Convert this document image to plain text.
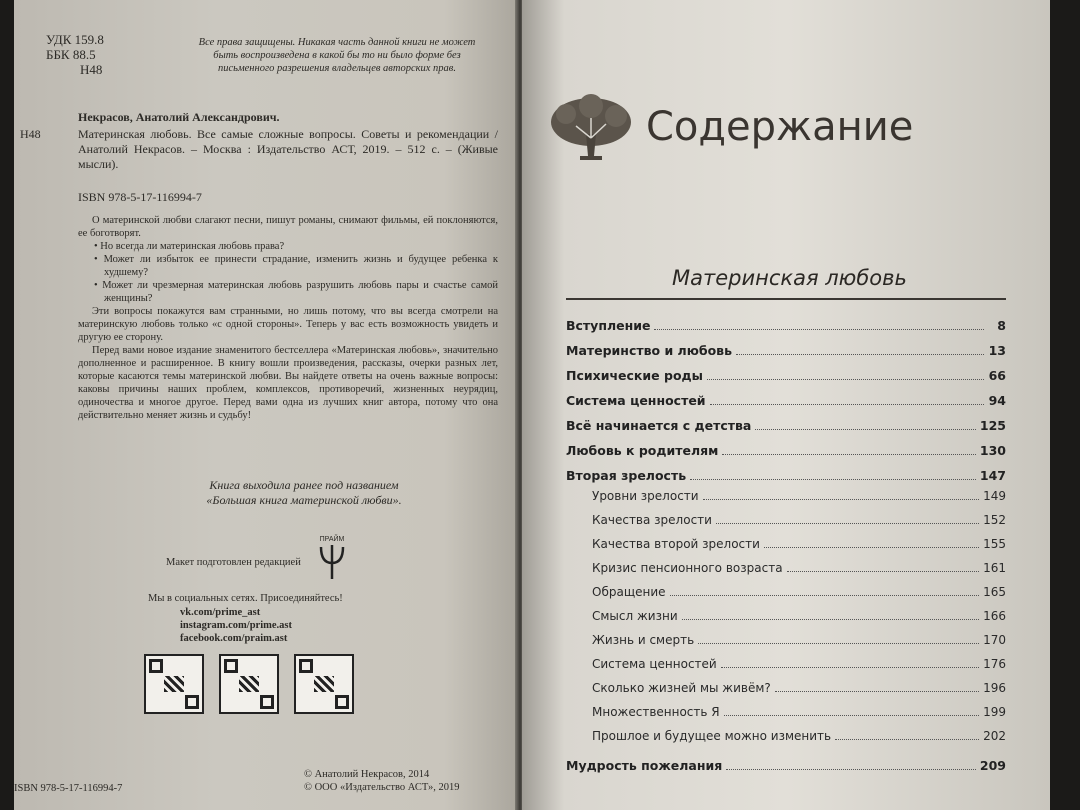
УДК 159.8
ББК 88.5
Н48
Все права защищены. Никакая часть данной книги не может быть воспроизведена в какой бы то ни было форме без письменного разрешения владельцев авторских прав.
Некрасов, Анатолий Александрович.
Н48	Материнская любовь. Все самые сложные вопросы. Советы и рекомендации /Анатолий Некрасов. – Москва : Издательство АСТ, 2019. – 512 с. – (Живые мысли).
ISBN 978-5-17-116994-7
О материнской любви слагают песни, пишут романы, снимают фильмы, ей поклоняются, ее боготворят.
• Но всегда ли материнская любовь права?
• Может ли избыток ее принести страдание, изменить жизнь и будущее ребенка к худшему?
• Может ли чрезмерная материнская любовь разрушить любовь пары и счастье самой женщины?
Эти вопросы покажутся вам странными, но лишь потому, что вы всегда смотрели на материнскую любовь только «с одной стороны». Теперь у вас есть возможность увидеть и другую ее сторону.
Перед вами новое издание знаменитого бестселлера «Материнская любовь», значительно дополненное и расширенное. В книгу вошли произведения, рассказы, очерки разных лет, которые касаются темы материнской любви. Вы найдете ответы на очень важные вопросы: каковы причины наших проблем, комплексов, противоречий, жизненных неурядиц, одиночества и многое другое. Перед вами одна из лучших книг автора, потому что она действительно меняет жизнь и судьбу!
Книга выходила ранее под названием
«Большая книга материнской любви».
Макет подготовлен редакцией
ПРАЙМ
Мы в социальных сетях. Присоединяйтесь!
vk.com/prime_ast
instagram.com/prime.ast
facebook.com/praim.ast
ISBN 978-5-17-116994-7
© Анатолий Некрасов, 2014
© ООО «Издательство АСТ», 2019
Содержание
Материнская любовь
Вступление	8
Материнство и любовь	13
Психические роды	66
Система ценностей	94
Всё начинается с детства	125
Любовь к родителям	130
Вторая зрелость	147
Уровни зрелости	149
Качества зрелости	152
Качества второй зрелости	155
Кризис пенсионного возраста	161
Обращение	165
Смысл жизни	166
Жизнь и смерть	170
Система ценностей	176
Сколько жизней мы живём?	196
Множественность Я	199
Прошлое и будущее можно изменить	202
Мудрость пожелания	209
